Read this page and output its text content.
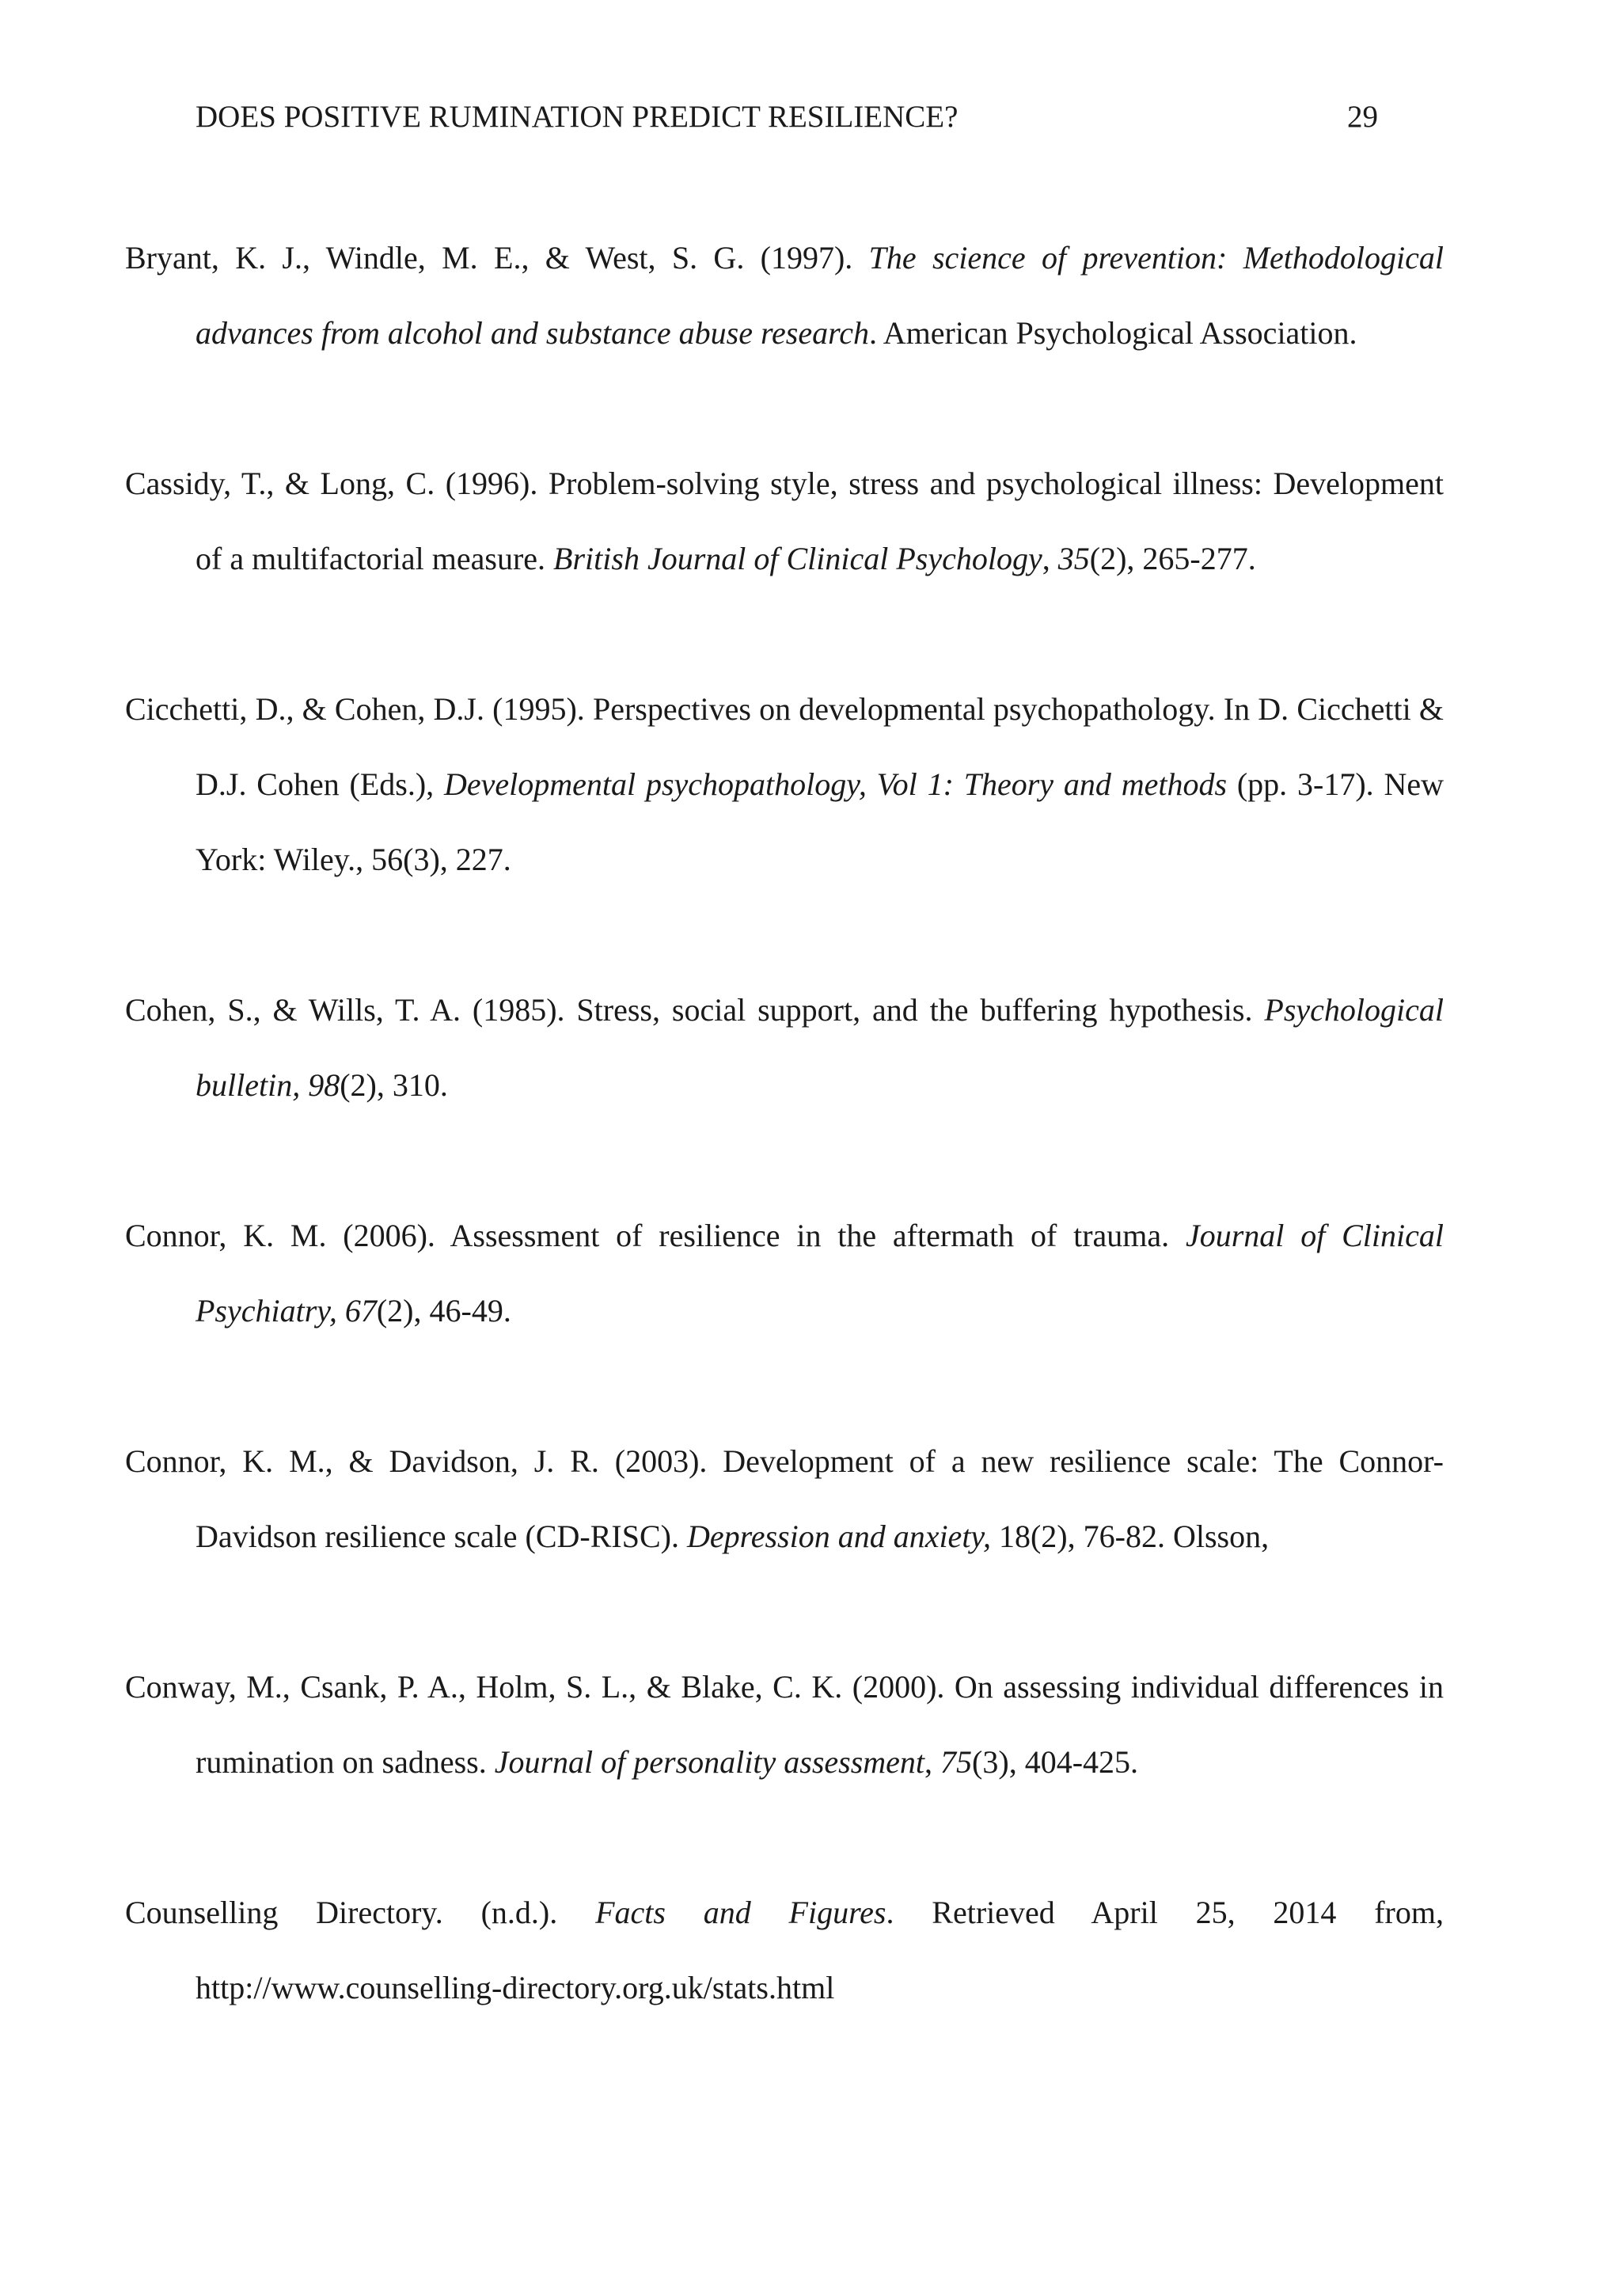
DOES POSITIVE RUMINATION PREDICT RESILIENCE?	29

Bryant, K. J., Windle, M. E., & West, S. G. (1997). The science of prevention: Methodological advances from alcohol and substance abuse research. American Psychological Association.

Cassidy, T., & Long, C. (1996). Problem-solving style, stress and psychological illness: Development of a multifactorial measure. British Journal of Clinical Psychology, 35(2), 265-277.

Cicchetti, D., & Cohen, D.J. (1995). Perspectives on developmental psychopathology. In D. Cicchetti & D.J. Cohen (Eds.), Developmental psychopathology, Vol 1: Theory and methods (pp. 3-17). New York: Wiley., 56(3), 227.

Cohen, S., & Wills, T. A. (1985). Stress, social support, and the buffering hypothesis. Psychological bulletin, 98(2), 310.

Connor, K. M. (2006). Assessment of resilience in the aftermath of trauma. Journal of Clinical Psychiatry, 67(2), 46-49.

Connor, K. M., & Davidson, J. R. (2003). Development of a new resilience scale: The Connor-Davidson resilience scale (CD-RISC). Depression and anxiety, 18(2), 76-82. Olsson,

Conway, M., Csank, P. A., Holm, S. L., & Blake, C. K. (2000). On assessing individual differences in rumination on sadness. Journal of personality assessment, 75(3), 404-425.

Counselling Directory. (n.d.). Facts and Figures. Retrieved April 25, 2014 from, http://www.counselling-directory.org.uk/stats.html
